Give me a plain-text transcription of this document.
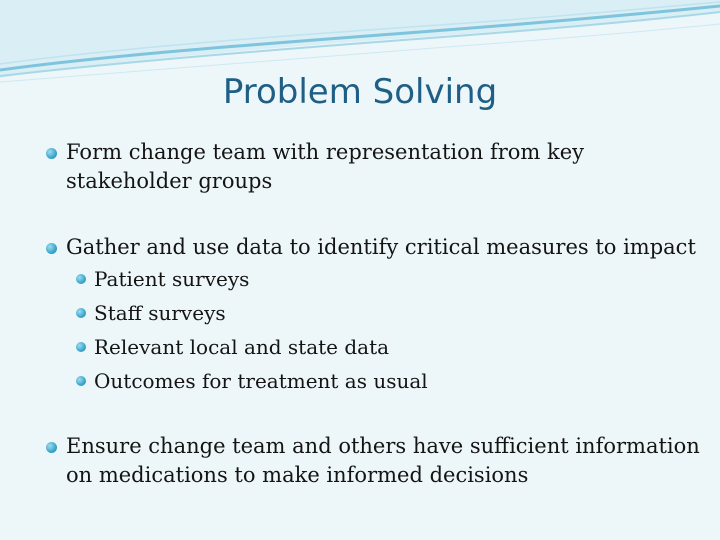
Problem Solving
Form change team with representation from key stakeholder groups
Gather and use data to identify critical measures to impact
Patient surveys
Staff surveys
Relevant local and state data
Outcomes for treatment as usual
Ensure change team and others have sufficient information on medications to make informed decisions
